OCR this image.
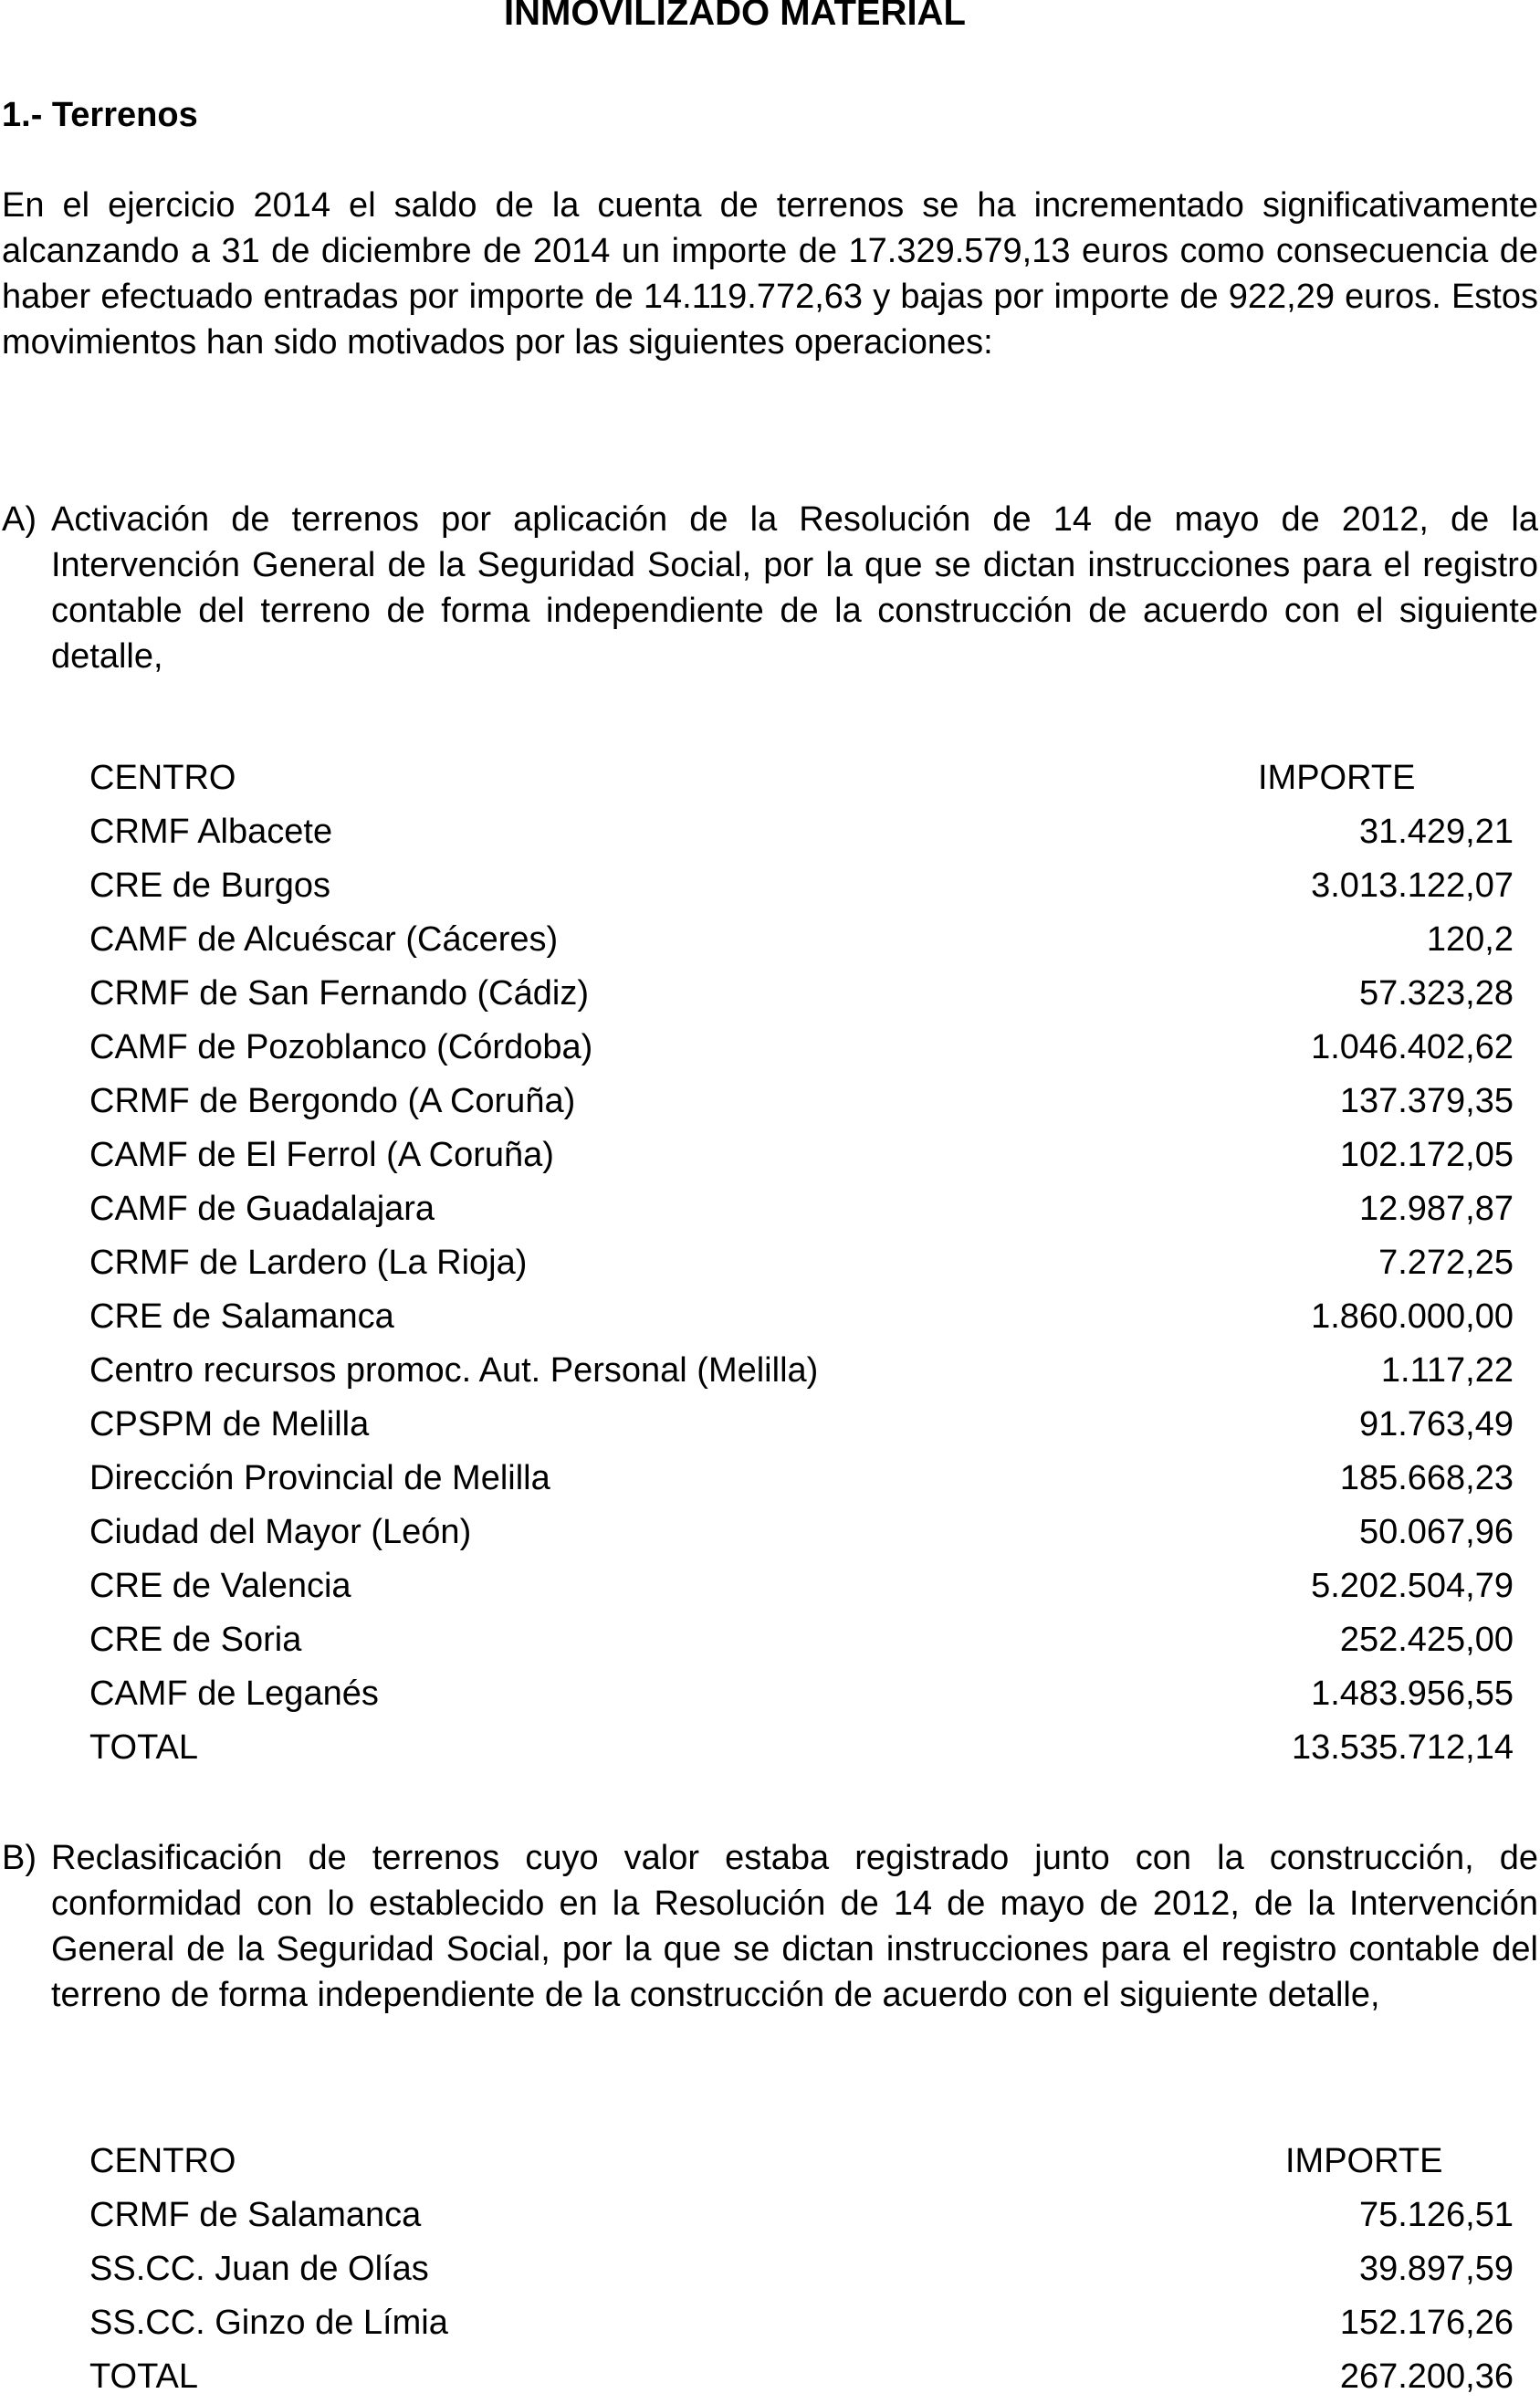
INMOVILIZADO MATERIAL
1.- Terrenos

En el ejercicio 2014 el saldo de la cuenta de terrenos se ha incrementado significativamente alcanzando a 31 de diciembre de 2014 un importe de 17.329.579,13 euros como consecuencia de haber efectuado entradas por importe de 14.119.772,63 y bajas por importe de 922,29 euros. Estos movimientos han sido motivados por las siguientes operaciones:

A) Activación de terrenos por aplicación de la Resolución de 14 de mayo de 2012, de la Intervención General de la Seguridad Social, por la que se dictan instrucciones para el registro contable del terreno de forma independiente de la construcción de acuerdo con el siguiente detalle,

CENTRO	IMPORTE
CRMF Albacete	31.429,21
CRE de Burgos	3.013.122,07
CAMF de Alcuéscar (Cáceres)	120,2
CRMF de San Fernando (Cádiz)	57.323,28
CAMF de Pozoblanco (Córdoba)	1.046.402,62
CRMF de Bergondo (A Coruña)	137.379,35
CAMF de El Ferrol (A Coruña)	102.172,05
CAMF de Guadalajara	12.987,87
CRMF de Lardero (La Rioja)	7.272,25
CRE de Salamanca	1.860.000,00
Centro recursos promoc. Aut. Personal (Melilla)	1.117,22
CPSPM de Melilla	91.763,49
Dirección Provincial de Melilla	185.668,23
Ciudad del Mayor (León)	50.067,96
CRE de Valencia	5.202.504,79
CRE de Soria	252.425,00
CAMF de Leganés	1.483.956,55
TOTAL	13.535.712,14
B) Reclasificación de terrenos cuyo valor estaba registrado junto con la construcción, de conformidad con lo establecido en la Resolución de 14 de mayo de 2012, de la Intervención General de la Seguridad Social, por la que se dictan instrucciones para el registro contable del terreno de forma independiente de la construcción de acuerdo con el siguiente detalle,

CENTRO	IMPORTE
CRMF de Salamanca	75.126,51
SS.CC. Juan de Olías	39.897,59
SS.CC. Ginzo de Límia	152.176,26
TOTAL	267.200,36
